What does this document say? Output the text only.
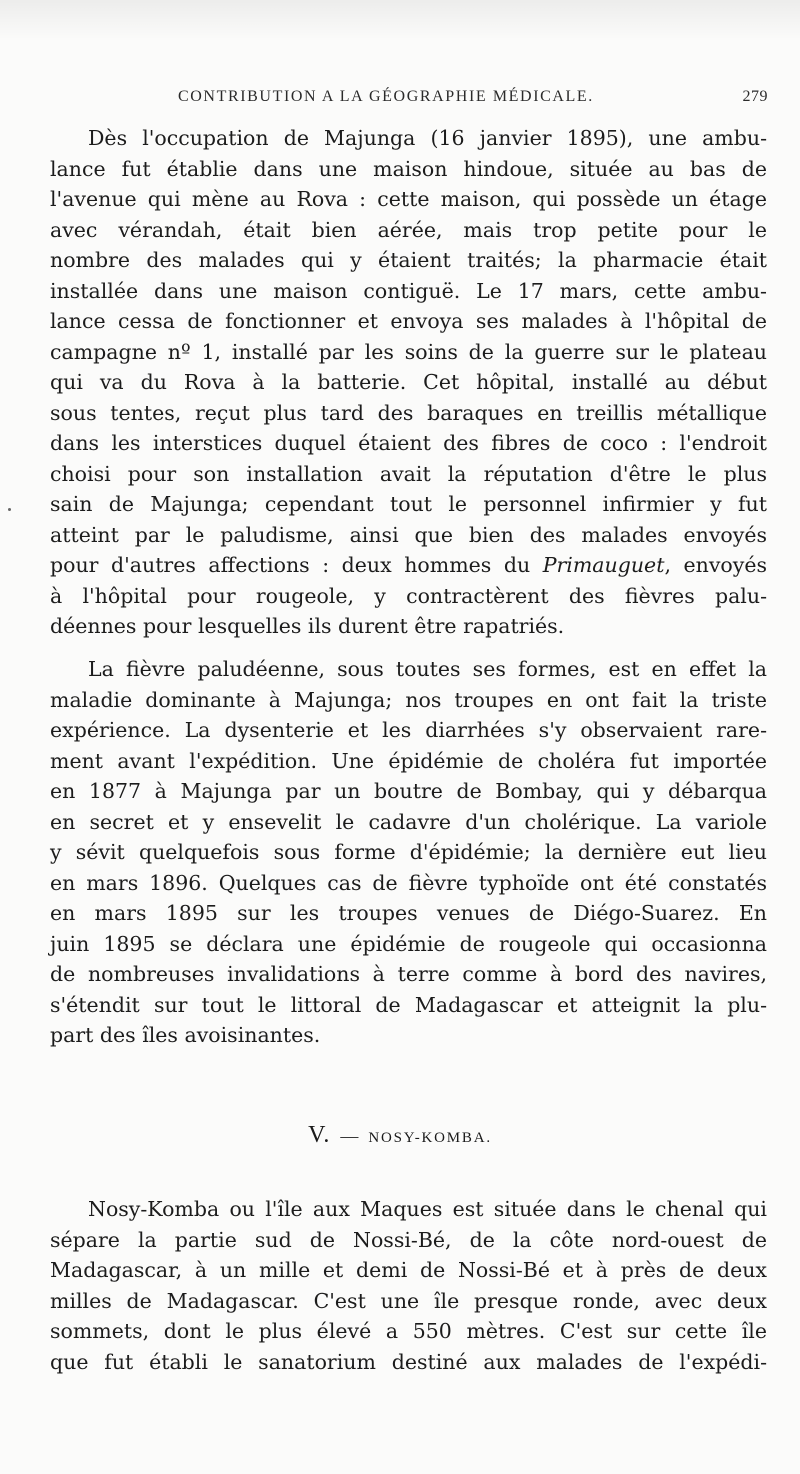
CONTRIBUTION A LA GÉOGRAPHIE MÉDICALE.	279
Dès l'occupation de Majunga (16 janvier 1895), une ambu-
lance fut établie dans une maison hindoue, située au bas de
l'avenue qui mène au Rova : cette maison, qui possède un étage
avec vérandah, était bien aérée, mais trop petite pour le
nombre des malades qui y étaient traités; la pharmacie était
installée dans une maison contiguë. Le 17 mars, cette ambu-
lance cessa de fonctionner et envoya ses malades à l'hôpital de
campagne nº 1, installé par les soins de la guerre sur le plateau
qui va du Rova à la batterie. Cet hôpital, installé au début
sous tentes, reçut plus tard des baraques en treillis métallique
dans les interstices duquel étaient des fibres de coco : l'endroit
choisi pour son installation avait la réputation d'être le plus
sain de Majunga; cependant tout le personnel infirmier y fut
atteint par le paludisme, ainsi que bien des malades envoyés
pour d'autres affections : deux hommes du Primauguet, envoyés
à l'hôpital pour rougeole, y contractèrent des fièvres palu-
déennes pour lesquelles ils durent être rapatriés.
La fièvre paludéenne, sous toutes ses formes, est en effet la
maladie dominante à Majunga; nos troupes en ont fait la triste
expérience. La dysenterie et les diarrhées s'y observaient rare-
ment avant l'expédition. Une épidémie de choléra fut importée
en 1877 à Majunga par un boutre de Bombay, qui y débarqua
en secret et y ensevelit le cadavre d'un cholérique. La variole
y sévit quelquefois sous forme d'épidémie; la dernière eut lieu
en mars 1896. Quelques cas de fièvre typhoïde ont été constatés
en mars 1895 sur les troupes venues de Diégo-Suarez. En
juin 1895 se déclara une épidémie de rougeole qui occasionna
de nombreuses invalidations à terre comme à bord des navires,
s'étendit sur tout le littoral de Madagascar et atteignit la plu-
part des îles avoisinantes.
V. — NOSY-KOMBA.
Nosy-Komba ou l'île aux Maques est située dans le chenal qui
sépare la partie sud de Nossi-Bé, de la côte nord-ouest de
Madagascar, à un mille et demi de Nossi-Bé et à près de deux
milles de Madagascar. C'est une île presque ronde, avec deux
sommets, dont le plus élevé a 550 mètres. C'est sur cette île
que fut établi le sanatorium destiné aux malades de l'expédi-
